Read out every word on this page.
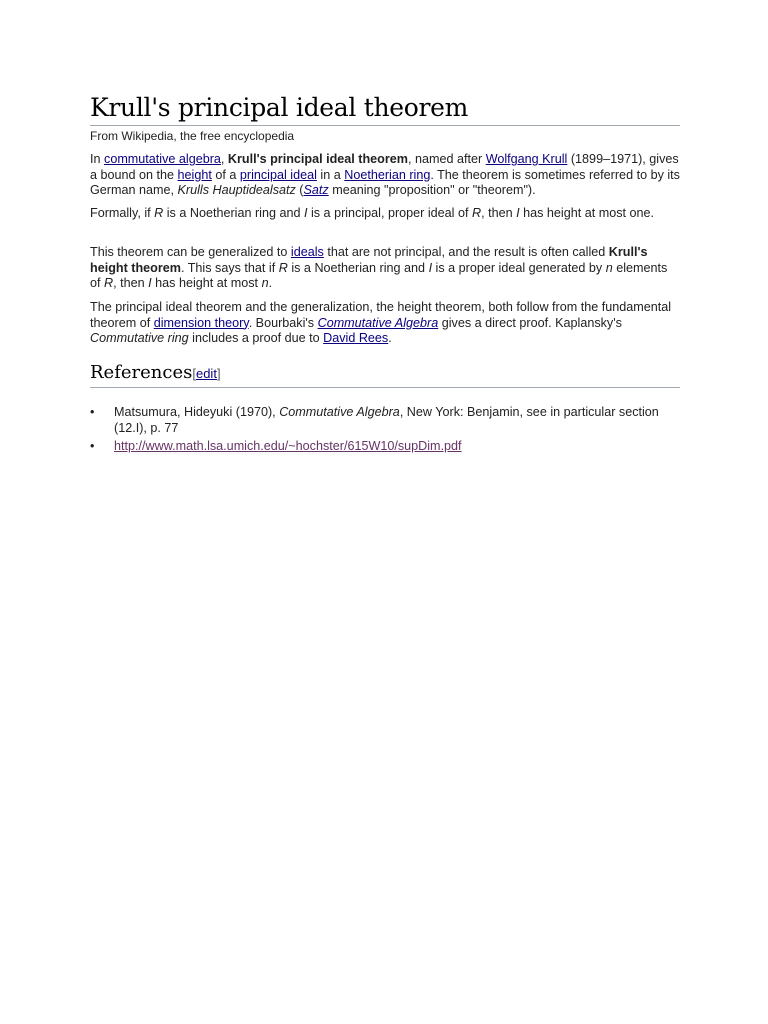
Krull's principal ideal theorem
From Wikipedia, the free encyclopedia

In commutative algebra, Krull's principal ideal theorem, named after Wolfgang Krull (1899–1971), gives a bound on the height of a principal ideal in a Noetherian ring. The theorem is sometimes referred to by its German name, Krulls Hauptidealsatz (Satz meaning "proposition" or "theorem").

Formally, if R is a Noetherian ring and I is a principal, proper ideal of R, then I has height at most one.

This theorem can be generalized to ideals that are not principal, and the result is often called Krull's height theorem. This says that if R is a Noetherian ring and I is a proper ideal generated by n elements of R, then I has height at most n.

The principal ideal theorem and the generalization, the height theorem, both follow from the fundamental theorem of dimension theory. Bourbaki's Commutative Algebra gives a direct proof. Kaplansky's Commutative ring includes a proof due to David Rees.

References[edit]
• Matsumura, Hideyuki (1970), Commutative Algebra, New York: Benjamin, see in particular section (12.I), p. 77
• http://www.math.lsa.umich.edu/~hochster/615W10/supDim.pdf
